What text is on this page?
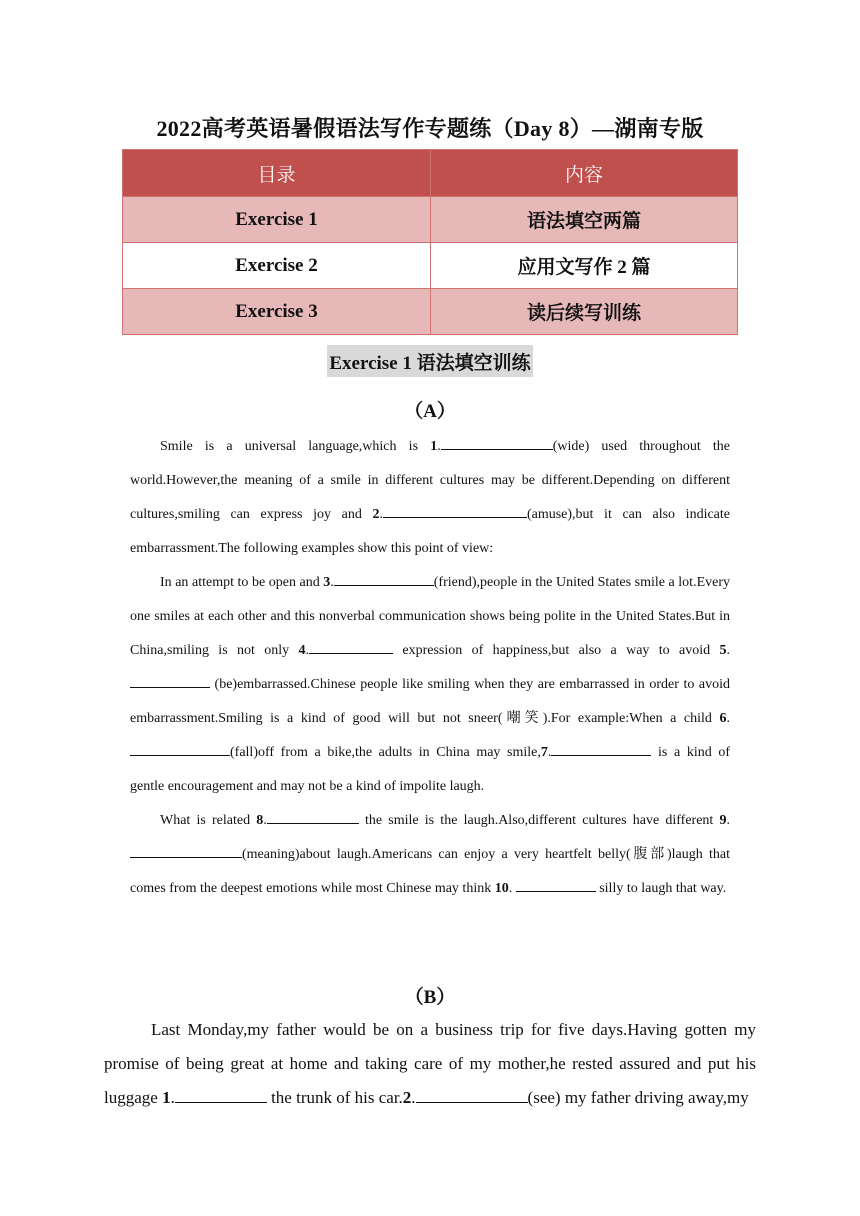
2022高考英语暑假语法写作专题练（Day 8）—湖南专版
目录	内容
Exercise 1	语法填空两篇
Exercise 2	应用文写作 2 篇
Exercise 3	读后续写训练
Exercise 1 语法填空训练
（A）

Smile is a universal language,which is 1.	(wide) used throughout the world.However,the meaning of a smile in different cultures may be different.Depending on different cultures,smiling can express joy and 2.	(amuse),but it can also indicate embarrassment.The following examples show this point of view:

In an attempt to be open and 3.	(friend),people in the United States smile a lot.Every one smiles at each other and this nonverbal communication shows being polite in the United States.But in China,smiling is not only 4.	expression of happiness,but also a way to avoid 5.  (be)embarrassed.Chinese people like smiling when they are embarrassed in order to avoid embarrassment.Smiling is a kind of good will but not sneer(嘲笑).For example:When a child 6.(fall)off from a bike,the adults in China may smile,7.	is a kind of gentle encouragement and may not be a kind of impolite laugh.

What is related 8.	the smile is the laugh.Also,different cultures have different 9.(meaning)about laugh.Americans can enjoy a very heartfelt belly(腹部)laugh that comes from the deepest emotions while most Chinese may think 10.	silly to laugh that way.

（B）

Last Monday,my father would be on a business trip for five days.Having gotten my promise of being great at home and taking care of my mother,he rested assured and put his luggage 1.	the trunk of his car.2.	(see) my father driving away,my
